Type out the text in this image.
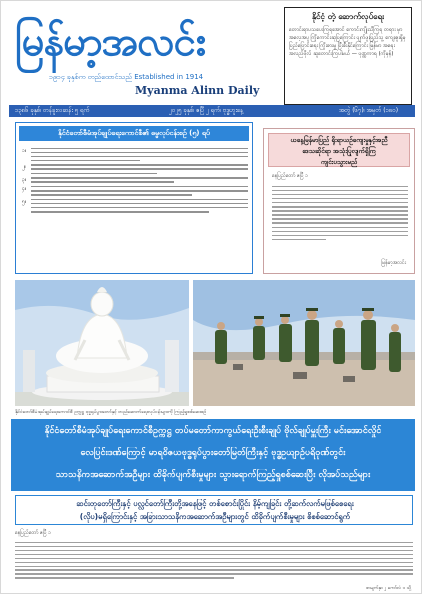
မြန်မာ့အလင်း
၁၉၁၄ ခုနှစ်က တည်ထောင်သည် Established in 1914
Myanma Alinn Daily
နိုင်ငံ့ တဲ့ ဆောက်လုပ်ရေး
တောင်းရာပသပေးကြရအောင် ကောင်းကျိုးသိကြရ တရား မှာအလေ့အပူ ကြိုကောင်းဆုပြကြောင်း ပျက်ဖူးပြည်သူ့ ကျေးဇူးရှိမှ ပြည်ပြောင်းရေး ကြိုးစားမှု ပြီးစီးနိုင်ကြောင်း မြန်မာ အရေး အလည်ဗိုလ် ဆူတောင်းကြပါမယ် — ပုဏ္ဏကာရ (ကိုမှန်)
၁၃၈၆ ခုနှစ်၊ တန်ခူးလဆန်း ၅ ရက်	၂၀၂၅ ခုနှစ်၊ ဧပြီ ၂ ရက်၊ ဗုဒ္ဓဟူးနေ့	အတွဲ (၆၇)၊ အမှတ် (၁၈၀)
နိုင်ငံတော်စီမံအုပ်ချုပ်ရေးကောင်စီ၏ ဓမ္မလုပ်ငန်းစဉ် (၅) ရပ်
၁။
၂။
၃။
၄။
၅။
ယနေ့မြန်မာပြည် ရိုးရာယဉ်ကျေးမှုနှင့်အညီ
ဒေသဆိုင်ရာ အသုံးပြုလျက်ရှိကြ
ကျင်းပသွားမည်
နေပြည်တော် ဧပြီ ၁
မြန်မာ့အလင်း
နိုင်ငံတော်စီမံအုပ်ချုပ်ရေးကောင်စီ ဥက္ကဋ္ဌ ဗုဒ္ဓရုပ်ပွားတော်နှင့် တည်ဆောက်ရေးလုပ်ငန်းများကို ကြည့်ရှုစစ်ဆေးစဉ်
နိုင်ငံတော်စီမံအုပ်ချုပ်ရေးကောင်စီဥက္ကဋ္ဌ တပ်မတော်ကာကွယ်ရေးဦးစီးချုပ် ဗိုလ်ချုပ်မှူးကြီး မင်းအောင်လှိုင်
လေပြင်းဒဏ်ကြောင့် မာရဝိဇယဗုဒ္ဓရုပ်ပွားတော်မြတ်ကြီးနှင့် ဗုဒ္ဓဥယျာဉ်ပရိဝုဏ်တွင်း
သာသနိကအဆောက်အဦများ ထိခိုက်ပျက်စီးမှုများ သွားရောက်ကြည့်ရှုစစ်ဆေးပြီး လိုအပ်သည်များ
ဆင်းတုတော်ကြီးနှင့် ပလ္လင်တော်ကြီးတို့အနေဖြင့် တစ်စောင်းပြိုင်း နိမ့်ကျခြင်း တို့ဆက်လက်မဖြစ်စေရေး
(လိုပ)မရှိကြောင်းနှင့် အခြားသာသနိကအဆောက်အဦများတွင် ထိခိုက်ပျက်စီးမှုများ စိစစ်ဆောင်ရွက်
နေပြည်တော် ဧပြီ ၁
စာမျက်နှာ ၂ ကော်လံ ၁ သို့
